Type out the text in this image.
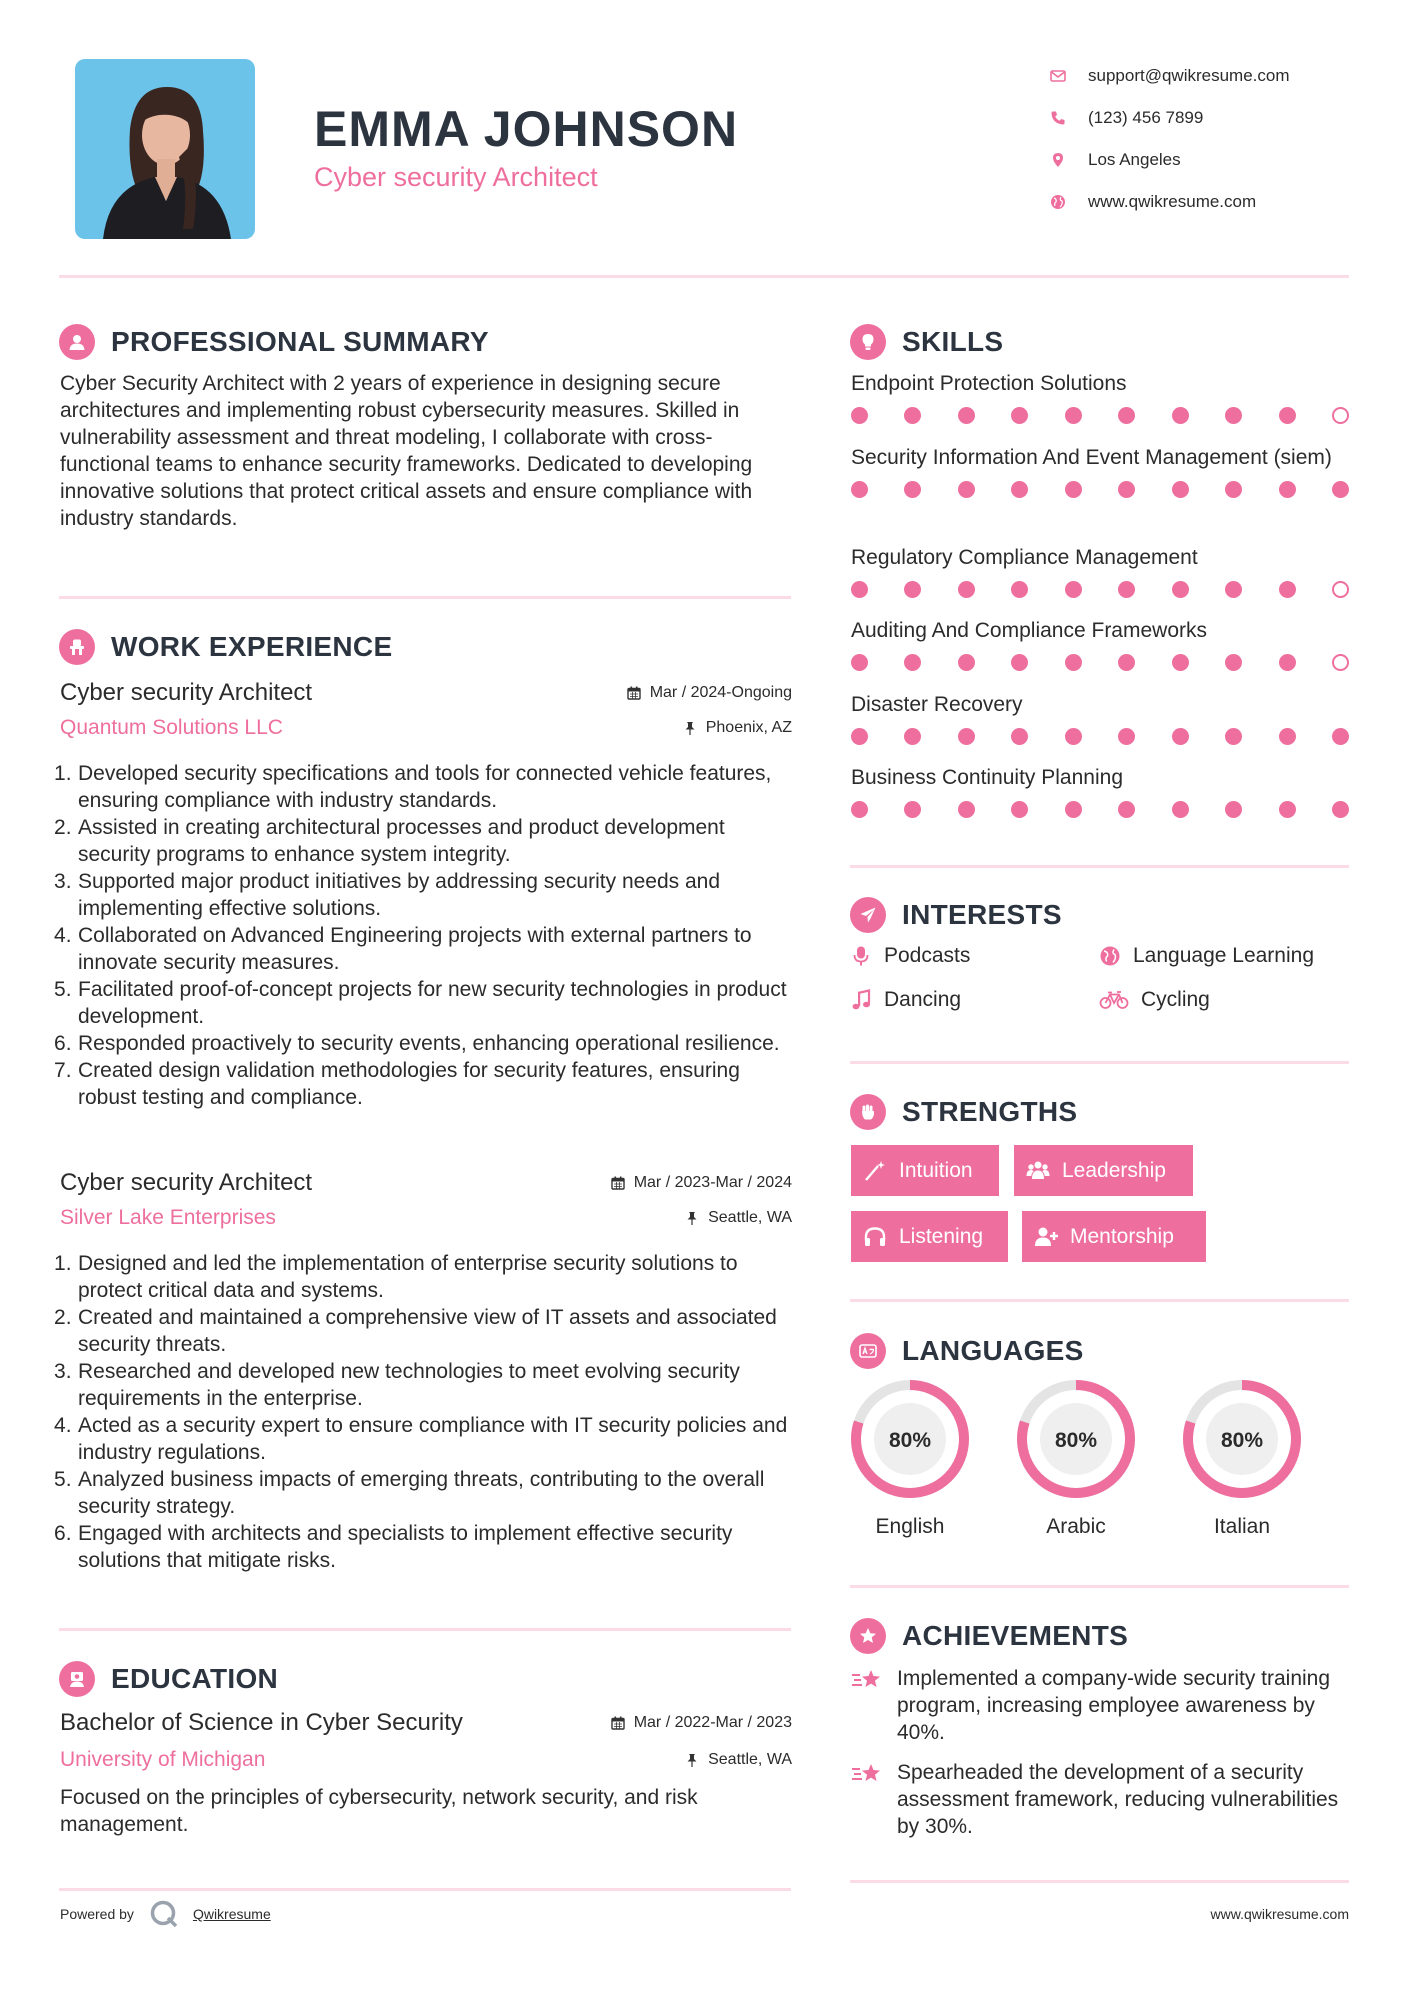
EMMA JOHNSON
Cyber security Architect
support@qwikresume.com
(123) 456 7899
Los Angeles
www.qwikresume.com
PROFESSIONAL SUMMARY
Cyber Security Architect with 2 years of experience in designing secure architectures and implementing robust cybersecurity measures. Skilled in vulnerability assessment and threat modeling, I collaborate with cross-functional teams to enhance security frameworks. Dedicated to developing innovative solutions that protect critical assets and ensure compliance with industry standards.
WORK EXPERIENCE
Cyber security Architect	Mar / 2024-Ongoing
Quantum Solutions LLC	Phoenix, AZ
Developed security specifications and tools for connected vehicle features, ensuring compliance with industry standards.
Assisted in creating architectural processes and product development security programs to enhance system integrity.
Supported major product initiatives by addressing security needs and implementing effective solutions.
Collaborated on Advanced Engineering projects with external partners to innovate security measures.
Facilitated proof-of-concept projects for new security technologies in product development.
Responded proactively to security events, enhancing operational resilience.
Created design validation methodologies for security features, ensuring robust testing and compliance.
Cyber security Architect	Mar / 2023-Mar / 2024
Silver Lake Enterprises	Seattle, WA
Designed and led the implementation of enterprise security solutions to protect critical data and systems.
Created and maintained a comprehensive view of IT assets and associated security threats.
Researched and developed new technologies to meet evolving security requirements in the enterprise.
Acted as a security expert to ensure compliance with IT security policies and industry regulations.
Analyzed business impacts of emerging threats, contributing to the overall security strategy.
Engaged with architects and specialists to implement effective security solutions that mitigate risks.
EDUCATION
Bachelor of Science in Cyber Security	Mar / 2022-Mar / 2023
University of Michigan	Seattle, WA
Focused on the principles of cybersecurity, network security, and risk management.
SKILLS
Endpoint Protection Solutions
Security Information And Event Management (siem)
Regulatory Compliance Management
Auditing And Compliance Frameworks
Disaster Recovery
Business Continuity Planning
INTERESTS
Podcasts	Language Learning
Dancing	Cycling
STRENGTHS
Intuition	Leadership
Listening	Mentorship
LANGUAGES
80%
English
80%
Arabic
80%
Italian
ACHIEVEMENTS
Implemented a company-wide security training program, increasing employee awareness by 40%.
Spearheaded the development of a security assessment framework, reducing vulnerabilities by 30%.
Powered by	Qwikresume	www.qwikresume.com
